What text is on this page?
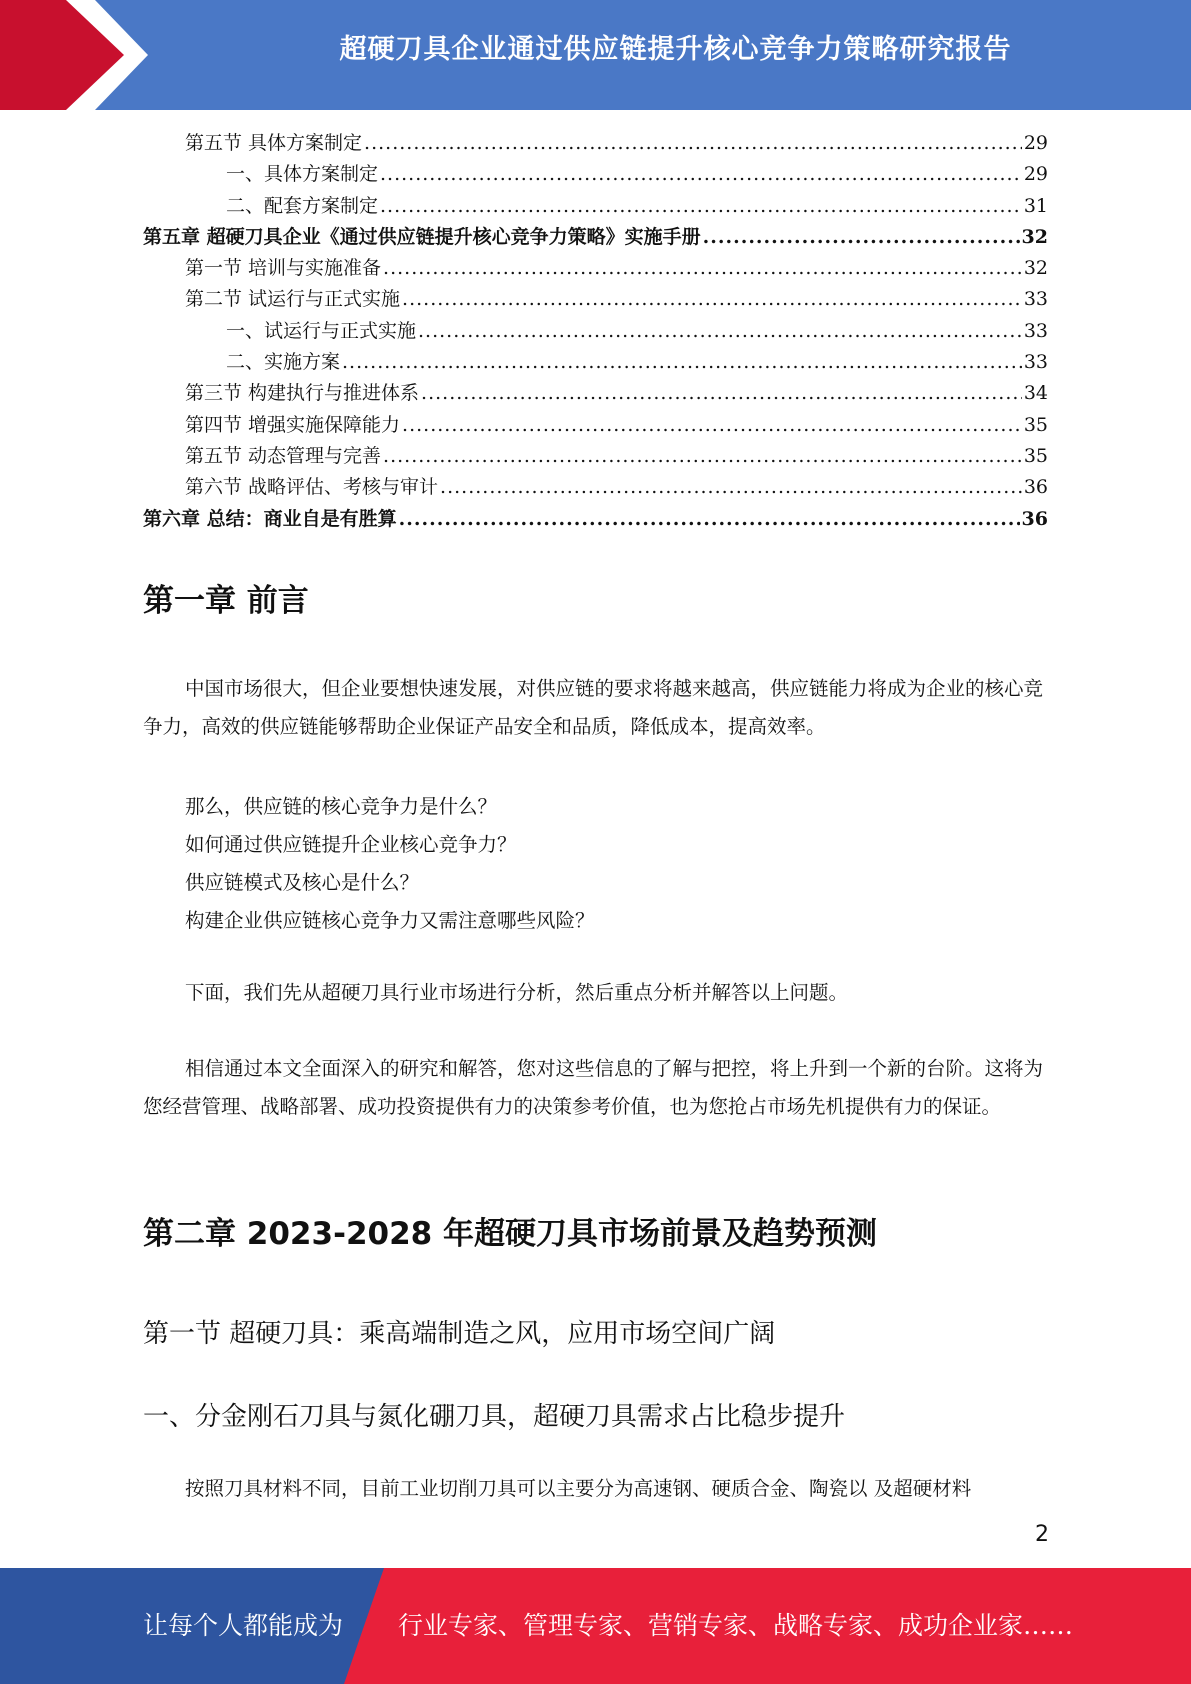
超硬刀具企业通过供应链提升核心竞争力策略研究报告
第五节 具体方案制定 .....	29
一、具体方案制定 .....	29
二、配套方案制定 .....	31
第五章 超硬刀具企业《通过供应链提升核心竞争力策略》实施手册 .....	32
第一节 培训与实施准备 .....	32
第二节 试运行与正式实施 .....	33
一、试运行与正式实施 .....	33
二、实施方案 .....	33
第三节 构建执行与推进体系 .....	34
第四节 增强实施保障能力 .....	35
第五节 动态管理与完善 .....	35
第六节 战略评估、考核与审计 .....	36
第六章 总结：商业自是有胜算 .....	36
第一章 前言

中国市场很大，但企业要想快速发展，对供应链的要求将越来越高，供应链能力将成为企业的核心竞争力，高效的供应链能够帮助企业保证产品安全和品质，降低成本，提高效率。

那么，供应链的核心竞争力是什么？
如何通过供应链提升企业核心竞争力？
供应链模式及核心是什么？
构建企业供应链核心竞争力又需注意哪些风险？

下面，我们先从超硬刀具行业市场进行分析，然后重点分析并解答以上问题。

相信通过本文全面深入的研究和解答，您对这些信息的了解与把控，将上升到一个新的台阶。这将为您经营管理、战略部署、成功投资提供有力的决策参考价值，也为您抢占市场先机提供有力的保证。

第二章 2023-2028 年超硬刀具市场前景及趋势预测
第一节 超硬刀具：乘高端制造之风，应用市场空间广阔
一、分金刚石刀具与氮化硼刀具，超硬刀具需求占比稳步提升

按照刀具材料不同，目前工业切削刀具可以主要分为高速钢、硬质合金、陶瓷以 及超硬材料

2
让每个人都能成为 行业专家、管理专家、营销专家、战略专家、成功企业家……
